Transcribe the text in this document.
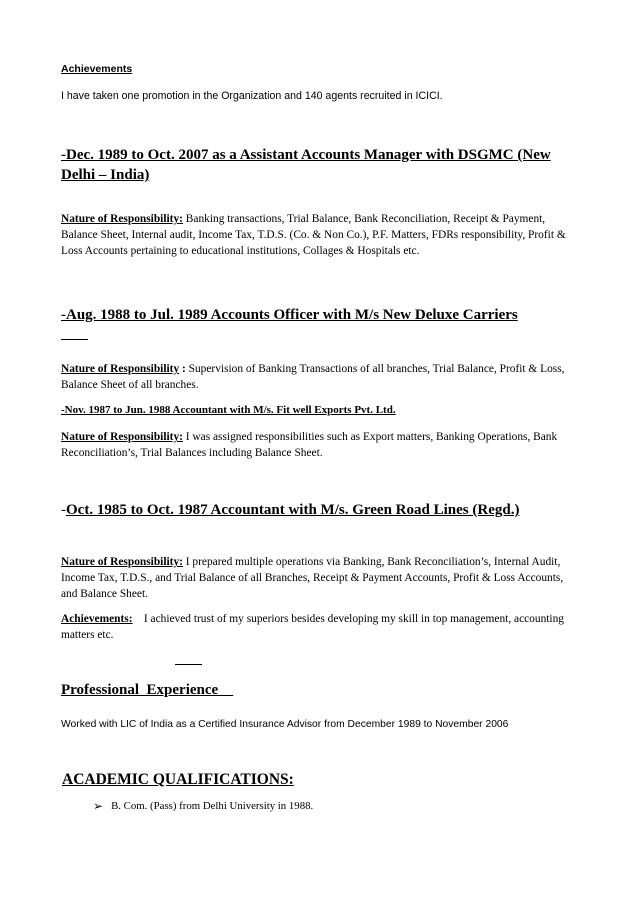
Achievements
I have taken one promotion in the Organization and 140 agents recruited in ICICI.
-Dec. 1989 to Oct. 2007 as a Assistant Accounts Manager with DSGMC (New
Delhi – India)
Nature of Responsibility: Banking transactions, Trial Balance, Bank Reconciliation, Receipt & Payment, Balance Sheet, Internal audit, Income Tax, T.D.S. (Co. & Non Co.), P.F. Matters, FDRs responsibility, Profit & Loss Accounts pertaining to educational institutions, Collages & Hospitals etc.
-Aug. 1988 to Jul. 1989 Accounts Officer with M/s New Deluxe Carriers
Nature of Responsibility : Supervision of Banking Transactions of all branches, Trial Balance, Profit & Loss, Balance Sheet of all branches.
-Nov. 1987 to Jun. 1988 Accountant with M/s. Fit well Exports Pvt. Ltd.
Nature of Responsibility: I was assigned responsibilities such as Export matters, Banking Operations, Bank Reconciliation’s, Trial Balances including Balance Sheet.
-Oct. 1985 to Oct. 1987 Accountant with M/s. Green Road Lines (Regd.)
Nature of Responsibility: I prepared multiple operations via Banking, Bank Reconciliation’s, Internal Audit, Income Tax, T.D.S., and Trial Balance of all Branches, Receipt & Payment Accounts, Profit & Loss Accounts, and Balance Sheet.
Achievements:    I achieved trust of my superiors besides developing my skill in top management, accounting matters etc.
Professional  Experience
Worked with LIC of India as a Certified Insurance Advisor from December 1989 to November 2006
ACADEMIC QUALIFICATIONS:
➢ B. Com. (Pass) from Delhi University in 1988.
